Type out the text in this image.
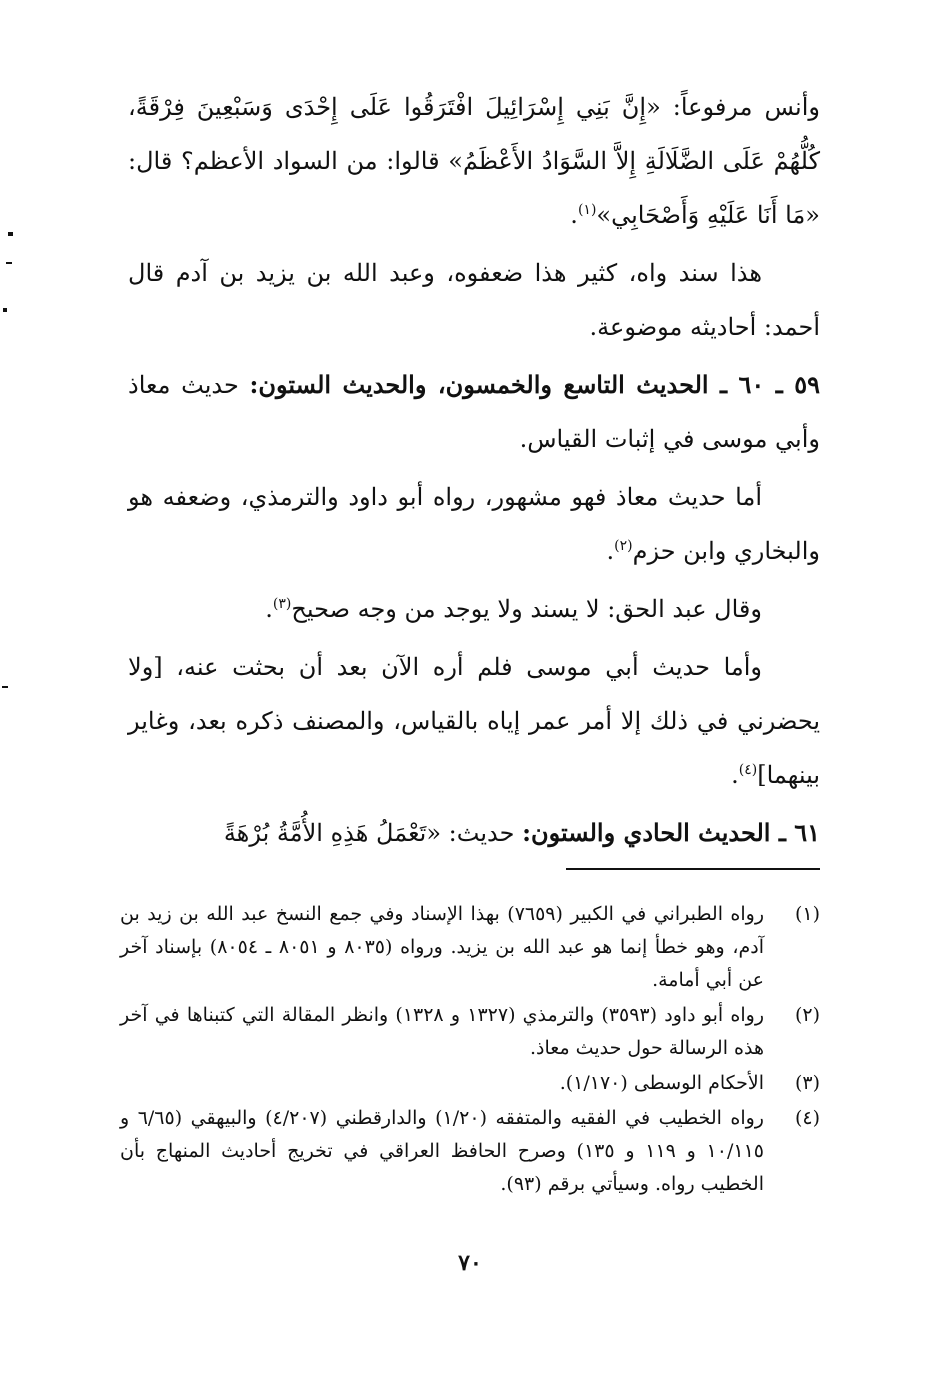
وأنس مرفوعاً: «إِنَّ بَنِي إِسْرَائِيلَ افْتَرَقُوا عَلَى إِحْدَى وَسَبْعِينَ فِرْقَةً، كُلُّهُمْ عَلَى الضَّلَالَةِ إِلاَّ السَّوَادُ الأَعْظَمُ» قالوا: من السواد الأعظم؟ قال: «مَا أَنَا عَلَيْهِ وَأَصْحَابِي»$^{(١)}$.

هذا سند واه، كثير هذا ضعفوه، وعبد الله بن يزيد بن آدم قال أحمد: أحاديثه موضوعة.

٥٩ ـ ٦٠ ـ الحديث التاسع والخمسون، والحديث الستون: حديث معاذ وأبي موسى في إثبات القياس.

أما حديث معاذ فهو مشهور، رواه أبو داود والترمذي، وضعفه هو والبخاري وابن حزم$^{(٢)}$.

وقال عبد الحق: لا يسند ولا يوجد من وجه صحيح$^{(٣)}$.

وأما حديث أبي موسى فلم أره الآن بعد أن بحثت عنه، [ولا يحضرني في ذلك إلا أمر عمر إياه بالقياس، والمصنف ذكره بعد، وغاير بينهما]$^{(٤)}$.

٦١ ـ الحديث الحادي والستون: حديث: «تَعْمَلُ هَذِهِ الأُمَّةُ بُرْهَةً

(١)
رواه الطبراني في الكبير (٧٦٥٩) بهذا الإسناد وفي جمع النسخ عبد الله بن زيد بن آدم، وهو خطأ إنما هو عبد الله بن يزيد. ورواه (٨٠٣٥ و ٨٠٥١ ـ ٨٠٥٤) بإسناد آخر عن أبي أمامة.
(٢)
رواه أبو داود (٣٥٩٣) والترمذي (١٣٢٧ و ١٣٢٨) وانظر المقالة التي كتبناها في آخر هذه الرسالة حول حديث معاذ.
(٣)
الأحكام الوسطى (١/١٧٠).
(٤)
رواه الخطيب في الفقيه والمتفقه (١/٢٠) والدارقطني (٤/٢٠٧) والبيهقي (٦/٦٥ و ١٠/١١٥ و ١١٩ و ١٣٥) وصرح الحافظ العراقي في تخريج أحاديث المنهاج بأن الخطيب رواه. وسيأتي برقم (٩٣).
٧٠
